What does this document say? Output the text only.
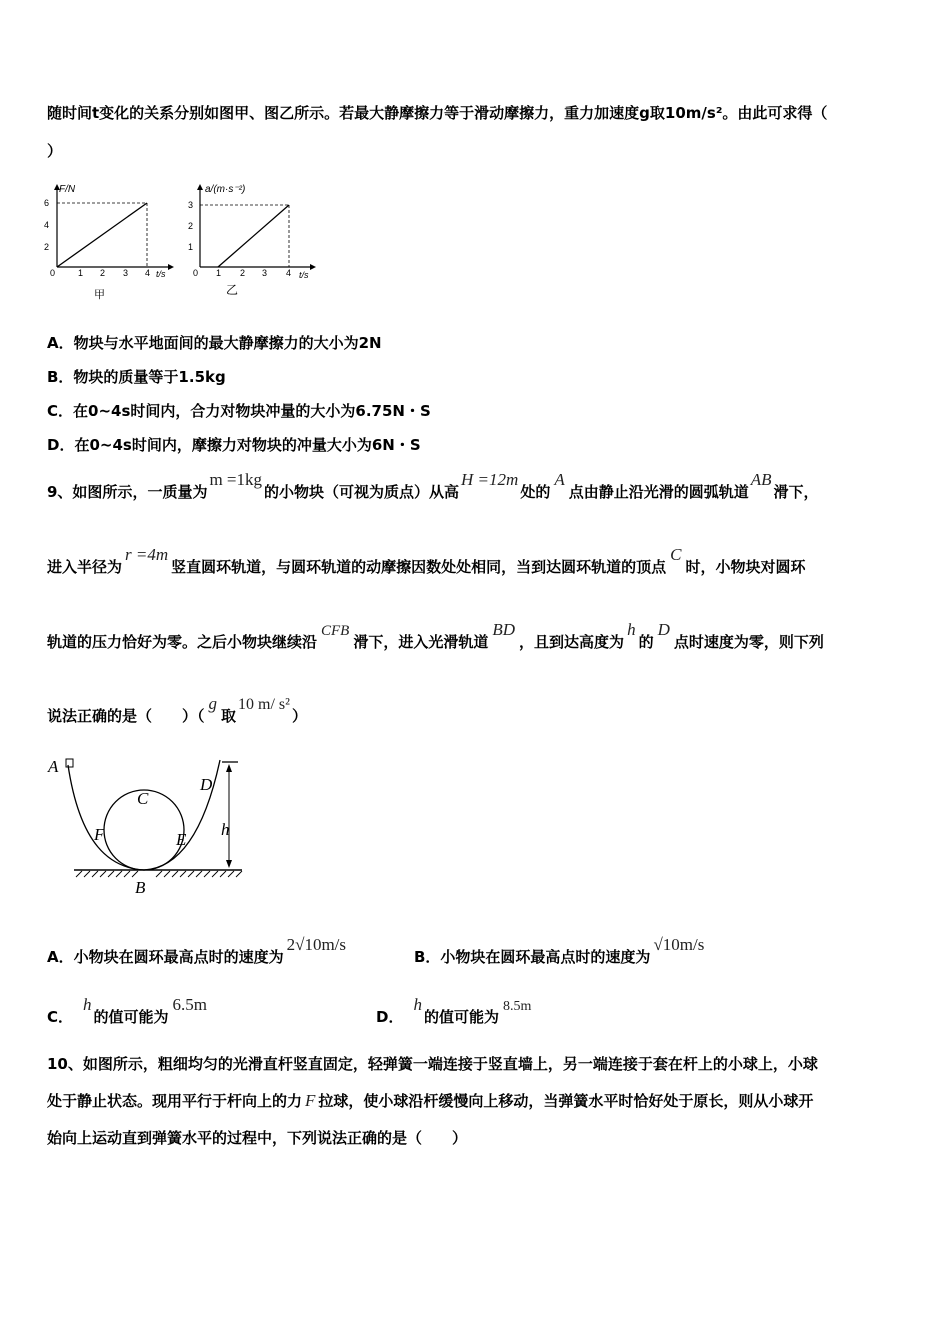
随时间t变化的关系分别如图甲、图乙所示。若最大静摩擦力等于滑动摩擦力，重力加速度g取10m/s²。由此可求得（
）
F/N
6
4
2
0	1 2 3 4 t/s
甲
a/(m·s⁻²)
3
2
1
0 1 2 3 4 t/s
乙
A．物块与水平地面间的最大静摩擦力的大小为2N
B．物块的质量等于1.5kg
C．在0~4s时间内，合力对物块冲量的大小为6.75N・S
D．在0~4s时间内，摩擦力对物块的冲量大小为6N・S
9、如图所示，一质量为m =1kg的小物块（可视为质点）从高H =12m处的A点由静止沿光滑的圆弧轨道AB滑下，
进入半径为r =4m竖直圆环轨道，与圆环轨道的动摩擦因数处处相同，当到达圆环轨道的顶点C时，小物块对圆环
轨道的压力恰好为零。之后小物块继续沿CFB滑下，进入光滑轨道BD，且到达高度为h的D点时速度为零，则下列
说法正确的是（　　）（g取10 m/ s²）
A
C
D
F	E
h
B
A．小物块在圆环最高点时的速度为2√10m/s
B．小物块在圆环最高点时的速度为√10m/s
C．h的值可能为6.5m
D．h的值可能为8.5m
10、如图所示，粗细均匀的光滑直杆竖直固定，轻弹簧一端连接于竖直墙上，另一端连接于套在杆上的小球上，小球
处于静止状态。现用平行于杆向上的力 F 拉球，使小球沿杆缓慢向上移动，当弹簧水平时恰好处于原长，则从小球开
始向上运动直到弹簧水平的过程中，下列说法正确的是（　　）
